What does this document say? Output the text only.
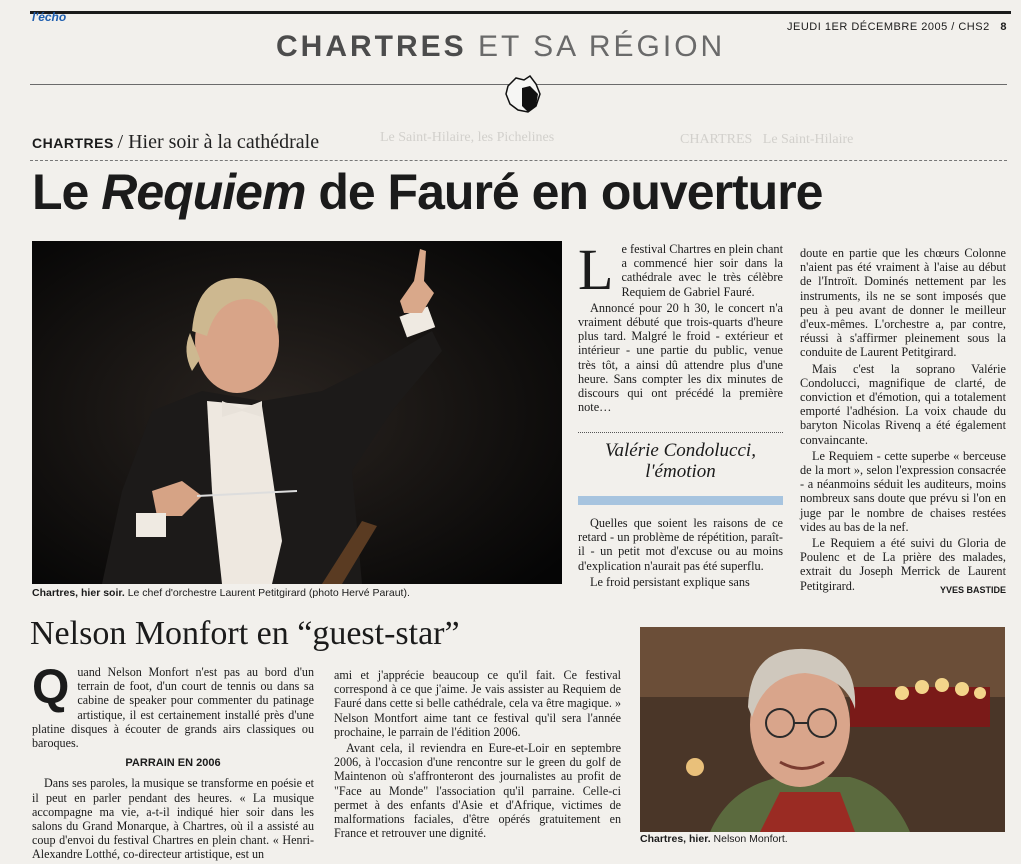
l'écho
JEUDI 1ER DÉCEMBRE 2005 / CHS2 8
CHARTRES ET SA RÉGION
Le Saint-Hilaire, les Pichelines	CHARTRES   Le Saint-Hilaire
CHARTRES / Hier soir à la cathédrale
Le Requiem de Fauré en ouverture
Chartres, hier soir. Le chef d'orchestre Laurent Petitgirard (photo Hervé Paraut).
L e festival Chartres en plein chant a commencé hier soir dans la cathédrale avec le très célèbre Requiem de Gabriel Fauré.

Annoncé pour 20 h 30, le concert n'a vraiment débuté que trois-quarts d'heure plus tard. Malgré le froid - extérieur et intérieur - une partie du public, venue très tôt, a ainsi dû attendre plus d'une heure. Sans compter les dix minutes de discours qui ont précédé la première note…

Valérie Condolucci, l'émotion

Quelles que soient les raisons de ce retard - un problème de répétition, paraît-il - un petit mot d'excuse ou au moins d'explication n'aurait pas été superflu.

Le froid persistant explique sans

doute en partie que les chœurs Colonne n'aient pas été vraiment à l'aise au début de l'Introït. Dominés nettement par les instruments, ils ne se sont imposés que peu à peu avant de donner le meilleur d'eux-mêmes. L'orchestre a, par contre, réussi à s'affirmer pleinement sous la conduite de Laurent Petitgirard.

Mais c'est la soprano Valérie Condolucci, magnifique de clarté, de conviction et d'émotion, qui a totalement emporté l'adhésion. La voix chaude du baryton Nicolas Rivenq a été également convaincante.

Le Requiem - cette superbe « berceuse de la mort », selon l'expression consacrée - a néanmoins séduit les auditeurs, moins nombreux sans doute que prévu si l'on en juge par le nombre de chaises restées vides au bas de la nef.

Le Requiem a été suivi du Gloria de Poulenc et de La prière des malades, extrait du Joseph Merrick de Laurent Petitgirard.	YVES BASTIDE
Nelson Monfort en “guest-star”
Q uand Nelson Monfort n'est pas au bord d'un terrain de foot, d'un court de tennis ou dans sa cabine de speaker pour commenter du patinage artistique, il est certainement installé près d'une platine disques à écouter de grands airs classiques ou baroques.

PARRAIN EN 2006

Dans ses paroles, la musique se transforme en poésie et il peut en parler pendant des heures. « La musique accompagne ma vie, a-t-il indiqué hier soir dans les salons du Grand Monarque, à Chartres, où il a assisté au coup d'envoi du festival Chartres en plein chant. « Henri-Alexandre Lotthé, co-directeur artistique, est un

ami et j'apprécie beaucoup ce qu'il fait. Ce festival correspond à ce que j'aime. Je vais assister au Requiem de Fauré dans cette si belle cathédrale, cela va être magique. » Nelson Montfort aime tant ce festival qu'il sera l'année prochaine, le parrain de l'édition 2006.

Avant cela, il reviendra en Eure-et-Loir en septembre 2006, à l'occasion d'une rencontre sur le green du golf de Maintenon où s'affronteront des journalistes au profit de "Face au Monde" l'association qu'il parraine. Celle-ci permet à des enfants d'Asie et d'Afrique, victimes de malformations faciales, d'être opérés gratuitement en France et retrouver une dignité.	Chartres, hier. Nelson Monfort.
